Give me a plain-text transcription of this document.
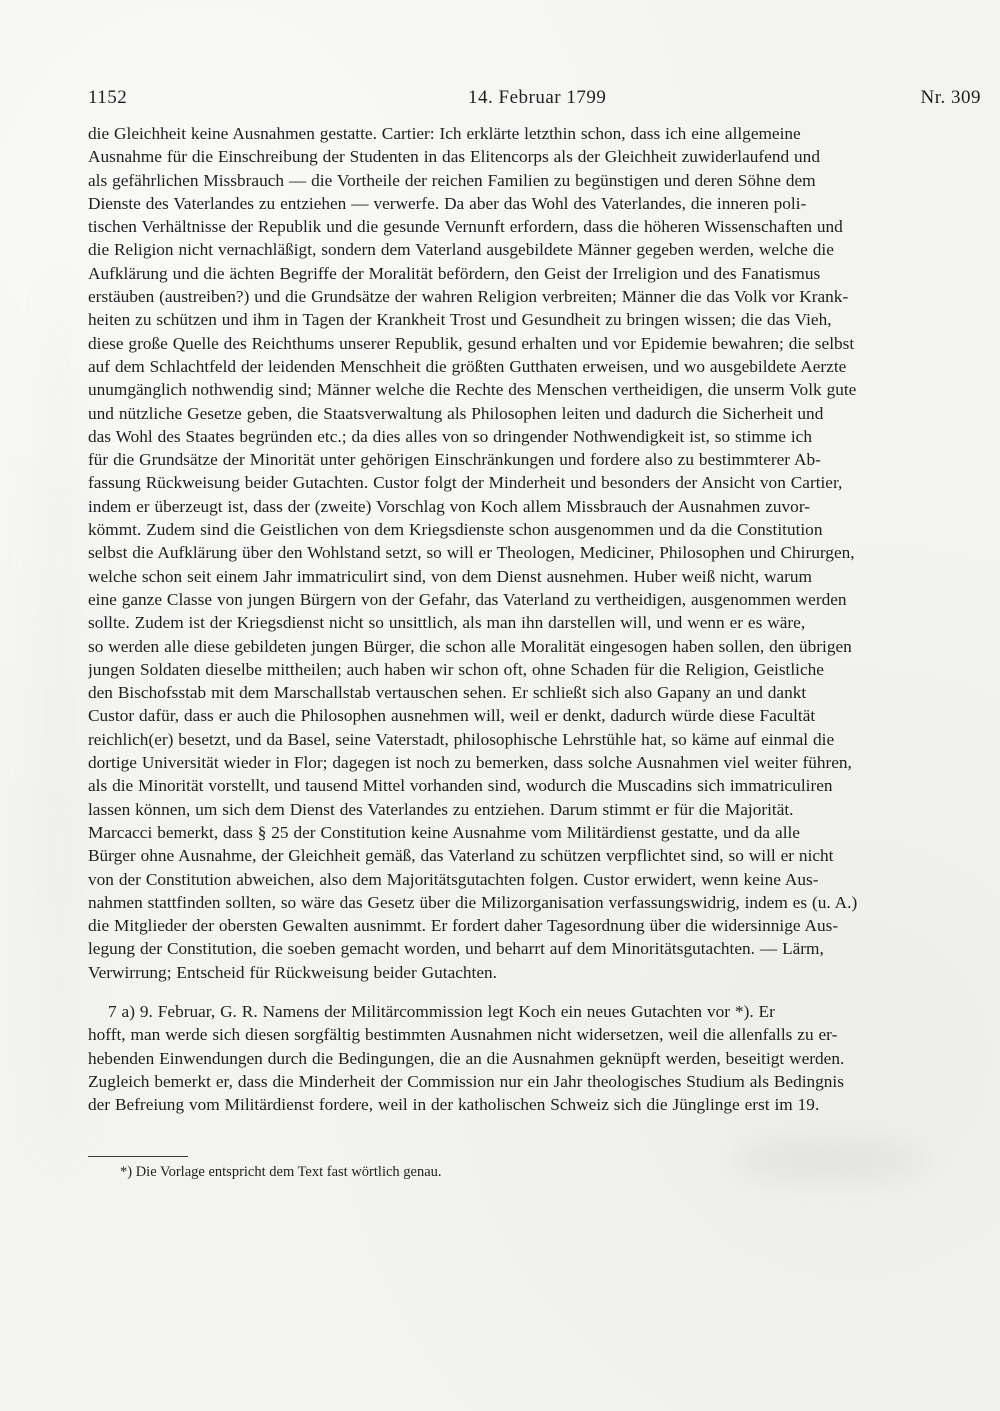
1152	14. Februar 1799	Nr. 309
die Gleichheit keine Ausnahmen gestatte. Cartier: Ich erklärte letzthin schon, dass ich eine allgemeine
Ausnahme für die Einschreibung der Studenten in das Elitencorps als der Gleichheit zuwiderlaufend und
als gefährlichen Missbrauch — die Vortheile der reichen Familien zu begünstigen und deren Söhne dem
Dienste des Vaterlandes zu entziehen — verwerfe. Da aber das Wohl des Vaterlandes, die inneren poli-
tischen Verhältnisse der Republik und die gesunde Vernunft erfordern, dass die höheren Wissenschaften und
die Religion nicht vernachläßigt, sondern dem Vaterland ausgebildete Männer gegeben werden, welche die
Aufklärung und die ächten Begriffe der Moralität befördern, den Geist der Irreligion und des Fanatismus
erstäuben (austreiben?) und die Grundsätze der wahren Religion verbreiten; Männer die das Volk vor Krank-
heiten zu schützen und ihm in Tagen der Krankheit Trost und Gesundheit zu bringen wissen; die das Vieh,
diese große Quelle des Reichthums unserer Republik, gesund erhalten und vor Epidemie bewahren; die selbst
auf dem Schlachtfeld der leidenden Menschheit die größten Gutthaten erweisen, und wo ausgebildete Aerzte
unumgänglich nothwendig sind; Männer welche die Rechte des Menschen vertheidigen, die unserm Volk gute
und nützliche Gesetze geben, die Staatsverwaltung als Philosophen leiten und dadurch die Sicherheit und
das Wohl des Staates begründen etc.; da dies alles von so dringender Nothwendigkeit ist, so stimme ich
für die Grundsätze der Minorität unter gehörigen Einschränkungen und fordere also zu bestimmterer Ab-
fassung Rückweisung beider Gutachten. Custor folgt der Minderheit und besonders der Ansicht von Cartier,
indem er überzeugt ist, dass der (zweite) Vorschlag von Koch allem Missbrauch der Ausnahmen zuvor-
kömmt. Zudem sind die Geistlichen von dem Kriegsdienste schon ausgenommen und da die Constitution
selbst die Aufklärung über den Wohlstand setzt, so will er Theologen, Mediciner, Philosophen und Chirurgen,
welche schon seit einem Jahr immatriculirt sind, von dem Dienst ausnehmen. Huber weiß nicht, warum
eine ganze Classe von jungen Bürgern von der Gefahr, das Vaterland zu vertheidigen, ausgenommen werden
sollte. Zudem ist der Kriegsdienst nicht so unsittlich, als man ihn darstellen will, und wenn er es wäre,
so werden alle diese gebildeten jungen Bürger, die schon alle Moralität eingesogen haben sollen, den übrigen
jungen Soldaten dieselbe mittheilen; auch haben wir schon oft, ohne Schaden für die Religion, Geistliche
den Bischofsstab mit dem Marschallstab vertauschen sehen. Er schließt sich also Gapany an und dankt
Custor dafür, dass er auch die Philosophen ausnehmen will, weil er denkt, dadurch würde diese Facultät
reichlich(er) besetzt, und da Basel, seine Vaterstadt, philosophische Lehrstühle hat, so käme auf einmal die
dortige Universität wieder in Flor; dagegen ist noch zu bemerken, dass solche Ausnahmen viel weiter führen,
als die Minorität vorstellt, und tausend Mittel vorhanden sind, wodurch die Muscadins sich immatriculiren
lassen können, um sich dem Dienst des Vaterlandes zu entziehen. Darum stimmt er für die Majorität.
Marcacci bemerkt, dass § 25 der Constitution keine Ausnahme vom Militärdienst gestatte, und da alle
Bürger ohne Ausnahme, der Gleichheit gemäß, das Vaterland zu schützen verpflichtet sind, so will er nicht
von der Constitution abweichen, also dem Majoritätsgutachten folgen. Custor erwidert, wenn keine Aus-
nahmen stattfinden sollten, so wäre das Gesetz über die Milizorganisation verfassungswidrig, indem es (u. A.)
die Mitglieder der obersten Gewalten ausnimmt. Er fordert daher Tagesordnung über die widersinnige Aus-
legung der Constitution, die soeben gemacht worden, und beharrt auf dem Minoritätsgutachten. — Lärm,
Verwirrung; Entscheid für Rückweisung beider Gutachten.
7 a) 9. Februar, G. R. Namens der Militärcommission legt Koch ein neues Gutachten vor *). Er
hofft, man werde sich diesen sorgfältig bestimmten Ausnahmen nicht widersetzen, weil die allenfalls zu er-
hebenden Einwendungen durch die Bedingungen, die an die Ausnahmen geknüpft werden, beseitigt werden.
Zugleich bemerkt er, dass die Minderheit der Commission nur ein Jahr theologisches Studium als Bedingnis
der Befreiung vom Militärdienst fordere, weil in der katholischen Schweiz sich die Jünglinge erst im 19.
*) Die Vorlage entspricht dem Text fast wörtlich genau.
